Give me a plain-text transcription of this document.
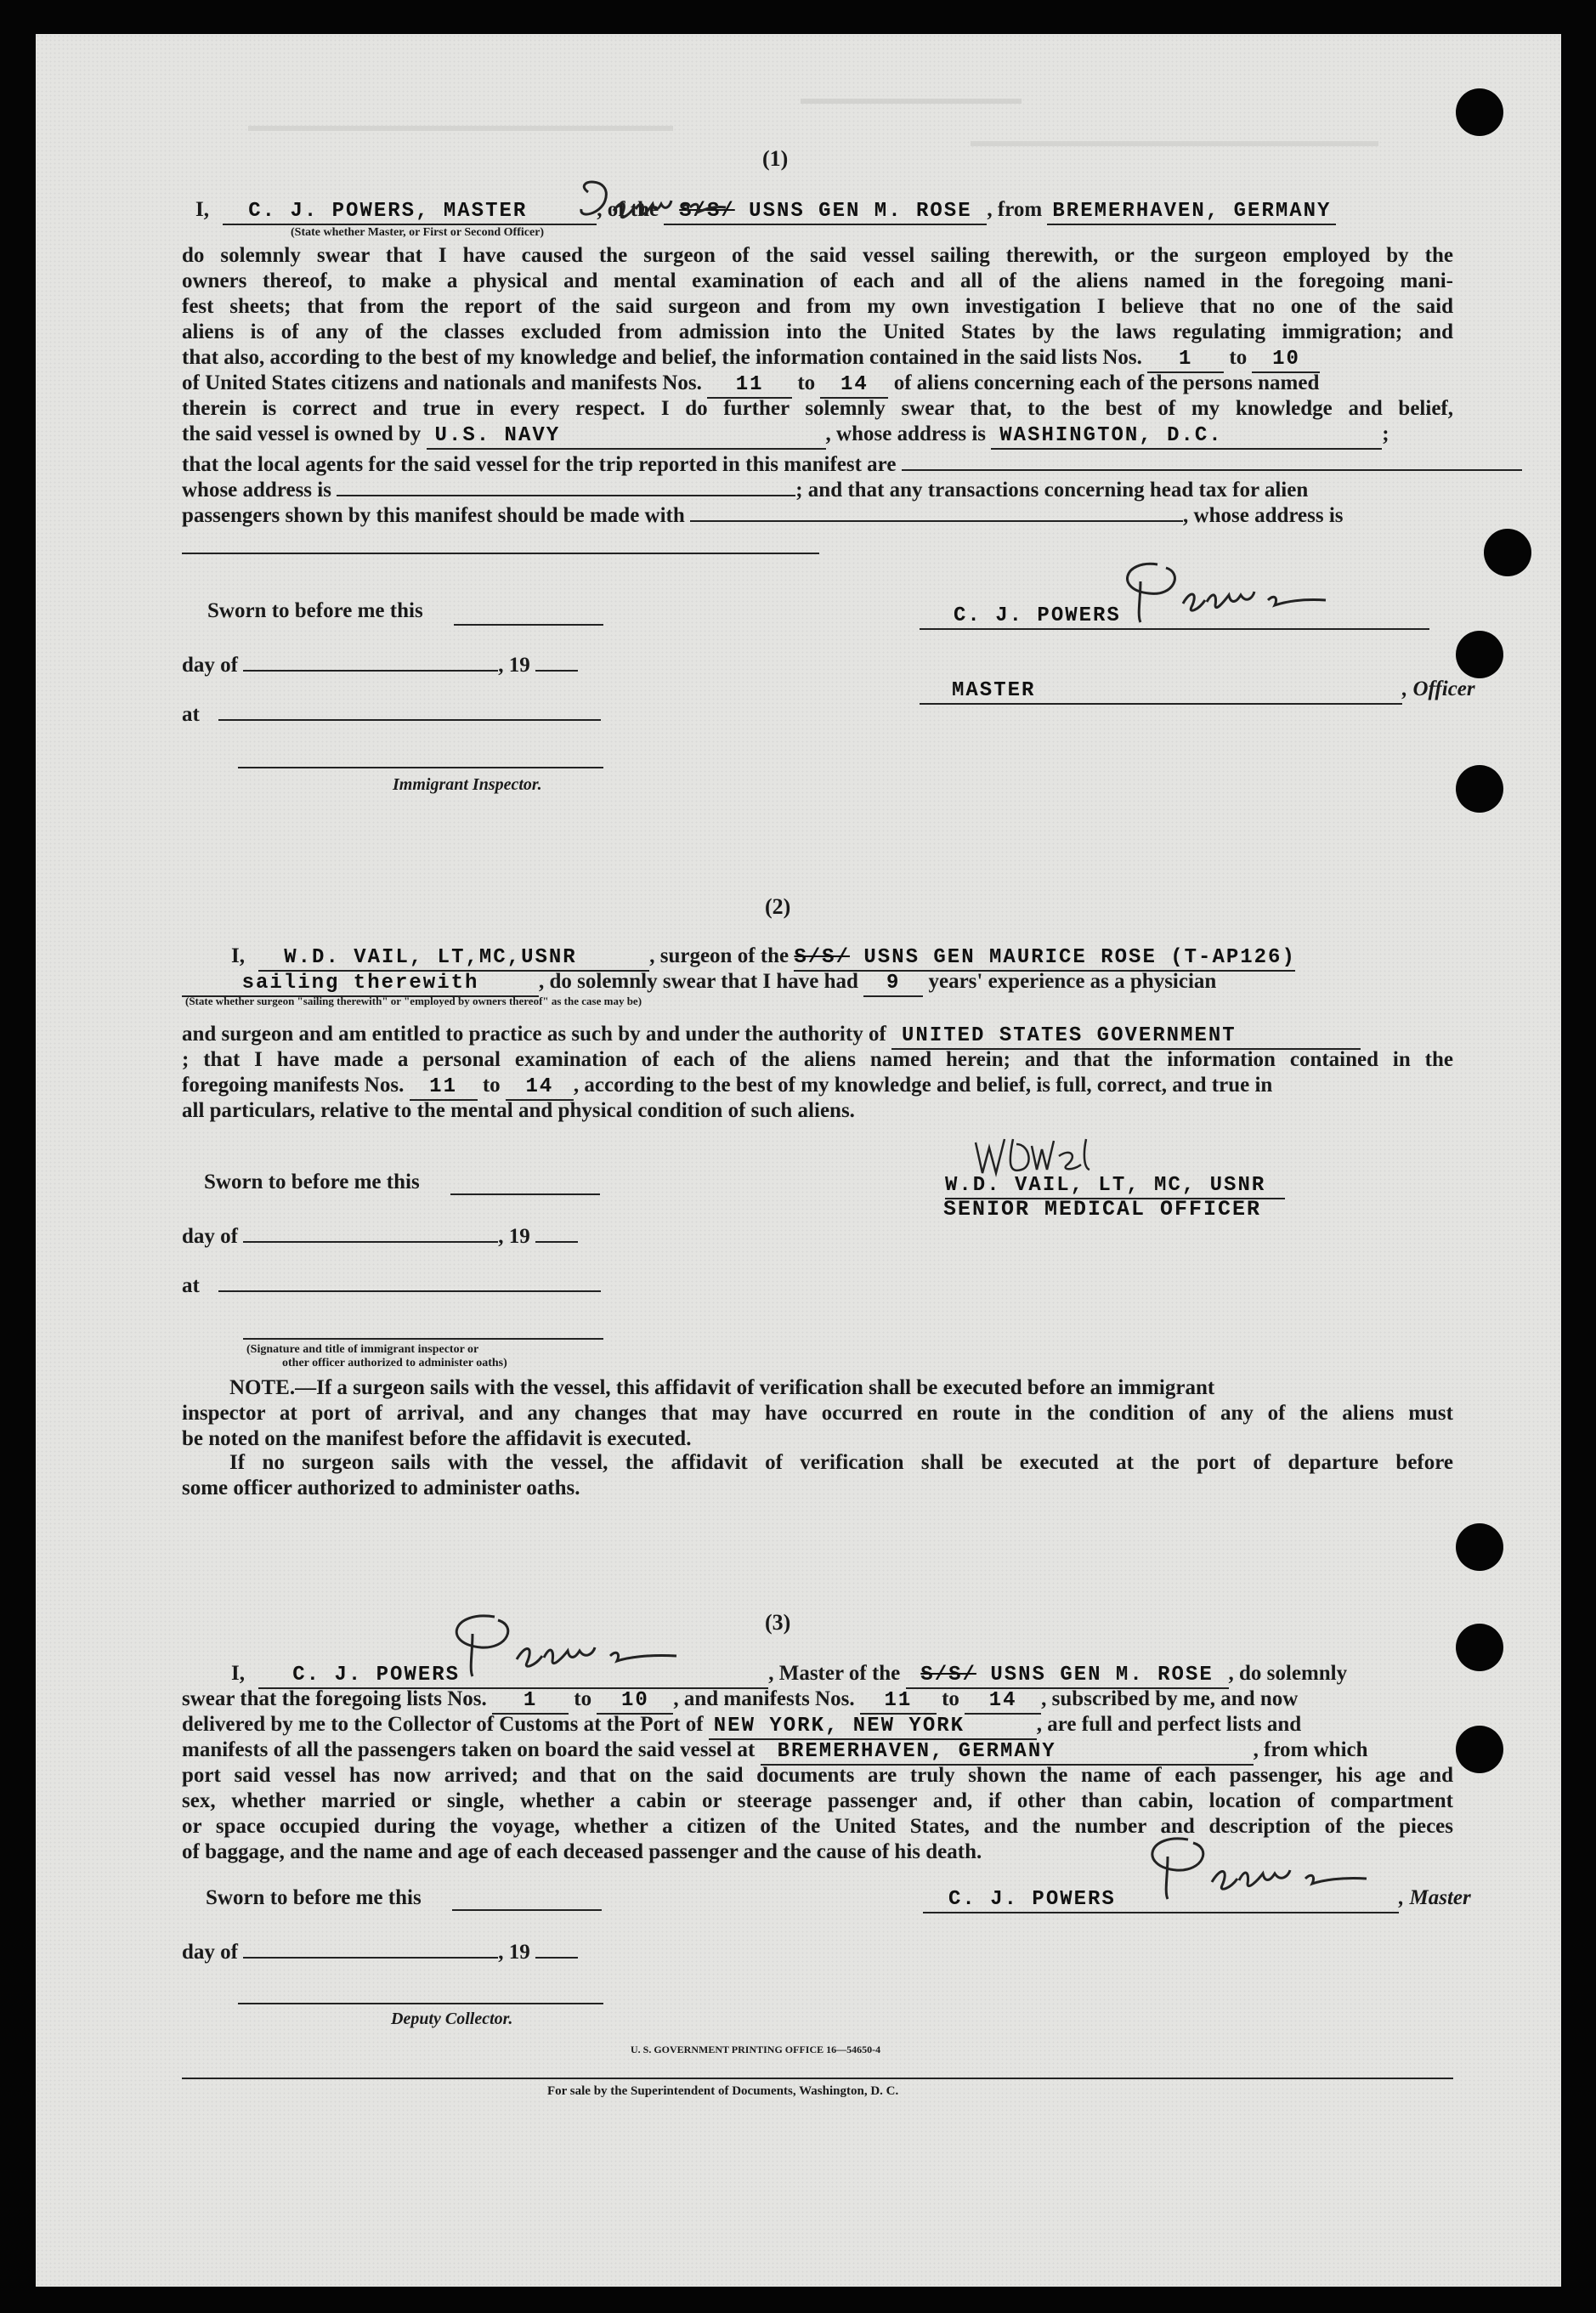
(1)
I, C. J. POWERS, MASTER	, of the S/S/ USNS GEN M. ROSE , from BREMERHAVEN, GERMANY
(State whether Master, or First or Second Officer)
do solemnly swear that I have caused the surgeon of the said vessel sailing therewith, or the surgeon employed by the
owners thereof, to make a physical and mental examination of each and all of the aliens named in the foregoing mani-
fest sheets; that from the report of the said surgeon and from my own investigation I believe that no one of the said
aliens is of any of the classes excluded from admission into the United States by the laws regulating immigration; and
that also, according to the best of my knowledge and belief, the information contained in the said lists Nos. 1 to 10
of United States citizens and nationals and manifests Nos. 11 to 14 of aliens concerning each of the persons named
therein is correct and true in every respect. I do further solemnly swear that, to the best of my knowledge and belief,
the said vessel is owned by U.S. NAVY	, whose address is WASHINGTON, D.C.	;
that the local agents for the said vessel for the trip reported in this manifest are
whose address is	; and that any transactions concerning head tax for alien
passengers shown by this manifest should be made with	, whose address is
Sworn to before me this
day of	, 19
at
Immigrant Inspector.
C. J. POWERS
MASTER	, Officer
(2)
I, W.D. VAIL, LT,MC,USNR	, surgeon of the S/S/ USNS GEN MAURICE ROSE (T-AP126)
sailing therewith	, do solemnly swear that I have had 9 years' experience as a physician
(State whether surgeon "sailing therewith" or "employed by owners thereof" as the case may be)
and surgeon and am entitled to practice as such by and under the authority of UNITED STATES GOVERNMENT
; that I have made a personal examination of each of the aliens named herein; and that the information contained in the
foregoing manifests Nos. 11 to 14 , according to the best of my knowledge and belief, is full, correct, and true in
all particulars, relative to the mental and physical condition of such aliens.
Sworn to before me this
day of	, 19
at
(Signature and title of immigrant inspector or
other officer authorized to administer oaths)
W.D. VAIL, LT, MC, USNR
SENIOR MEDICAL OFFICER
NOTE.—If a surgeon sails with the vessel, this affidavit of verification shall be executed before an immigrant
inspector at port of arrival, and any changes that may have occurred en route in the condition of any of the aliens must
be noted on the manifest before the affidavit is executed.
If no surgeon sails with the vessel, the affidavit of verification shall be executed at the port of departure before
some officer authorized to administer oaths.
(3)
I, C. J. POWERS	, Master of the S/S/ USNS GEN M. ROSE , do solemnly
swear that the foregoing lists Nos. 1 to 10 , and manifests Nos. 11 to 14 , subscribed by me, and now
delivered by me to the Collector of Customs at the Port of NEW YORK, NEW YORK	, are full and perfect lists and
manifests of all the passengers taken on board the said vessel at BREMERHAVEN, GERMANY	, from which
port said vessel has now arrived; and that on the said documents are truly shown the name of each passenger, his age and
sex, whether married or single, whether a cabin or steerage passenger and, if other than cabin, location of compartment
or space occupied during the voyage, whether a citizen of the United States, and the number and description of the pieces
of baggage, and the name and age of each deceased passenger and the cause of his death.
Sworn to before me this
day of	, 19
Deputy Collector.
C. J. POWERS	, Master
U. S. GOVERNMENT PRINTING OFFICE 16—54650-4
For sale by the Superintendent of Documents, Washington, D. C.
